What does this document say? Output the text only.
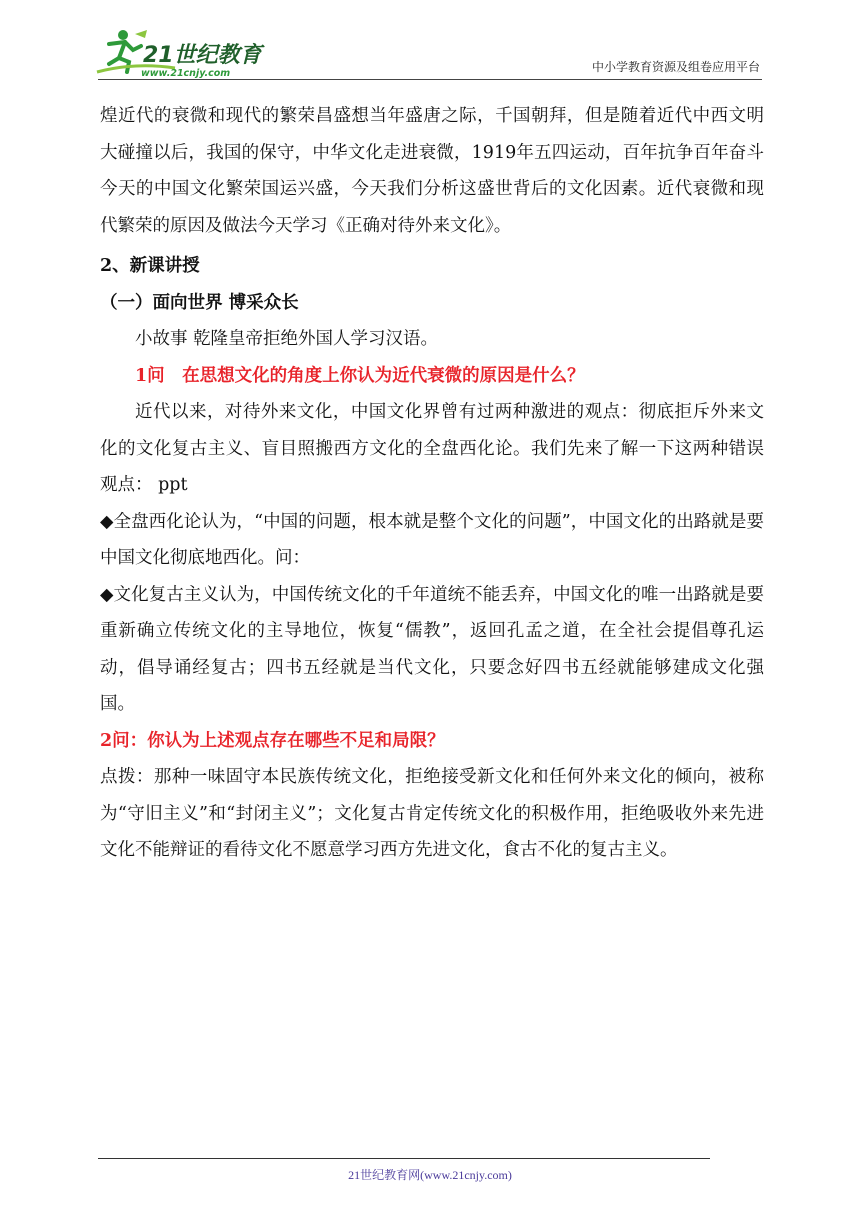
21世纪教育
www.21cnjy.com	中小学教育资源及组卷应用平台

煌近代的衰微和现代的繁荣昌盛想当年盛唐之际，千国朝拜，但是随着近代中西文明大碰撞以后，我国的保守，中华文化走进衰微，1919年五四运动，百年抗争百年奋斗今天的中国文化繁荣国运兴盛，今天我们分析这盛世背后的文化因素。近代衰微和现代繁荣的原因及做法今天学习《正确对待外来文化》。

2、新课讲授

（一）面向世界 博采众长

小故事 乾隆皇帝拒绝外国人学习汉语。

1问　在思想文化的角度上你认为近代衰微的原因是什么？

近代以来，对待外来文化，中国文化界曾有过两种激进的观点：彻底拒斥外来文化的文化复古主义、盲目照搬西方文化的全盘西化论。我们先来了解一下这两种错误观点： ppt

◆全盘西化论认为，“中国的问题，根本就是整个文化的问题”，中国文化的出路就是要中国文化彻底地西化。问：

◆文化复古主义认为，中国传统文化的千年道统不能丢弃，中国文化的唯一出路就是要重新确立传统文化的主导地位，恢复“儒教”，返回孔孟之道，在全社会提倡尊孔运动，倡导诵经复古；四书五经就是当代文化，只要念好四书五经就能够建成文化强国。

2问：你认为上述观点存在哪些不足和局限？

点拨：那种一味固守本民族传统文化，拒绝接受新文化和任何外来文化的倾向，被称为“守旧主义”和“封闭主义”；文化复古肯定传统文化的积极作用，拒绝吸收外来先进文化不能辩证的看待文化不愿意学习西方先进文化，食古不化的复古主义。

21世纪教育网(www.21cnjy.com)
